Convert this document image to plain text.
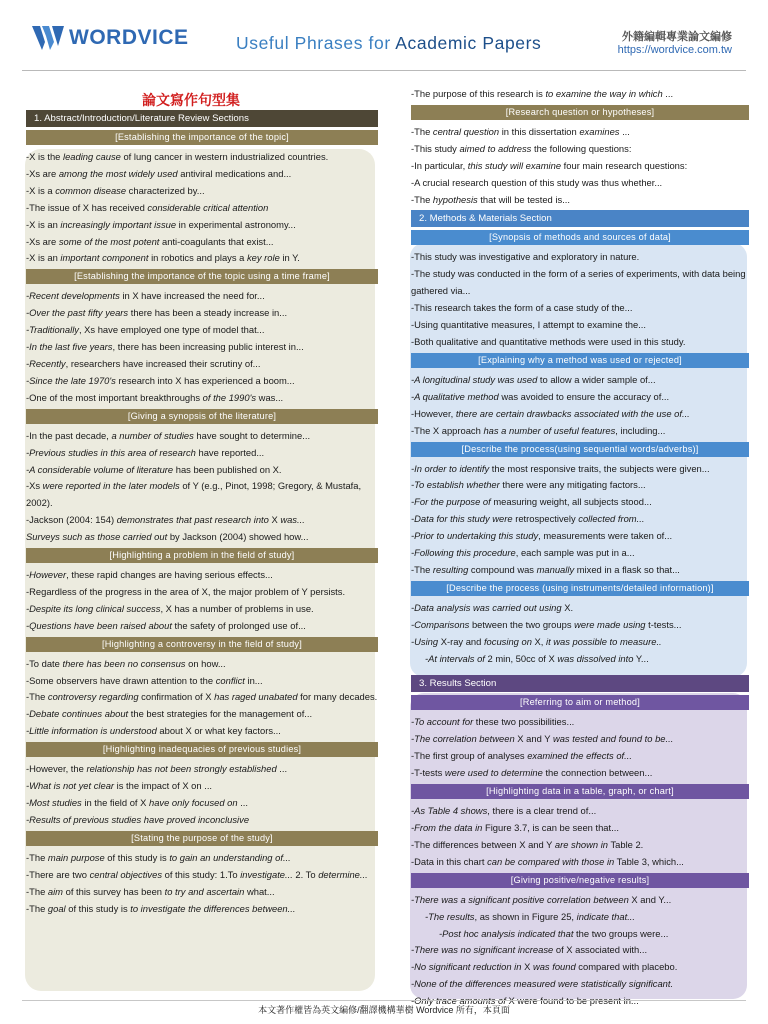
WORDVICE	Useful Phrases for Academic Papers	外籍編輯專業論文編修
https://wordvice.com.tw
論文寫作句型集
1. Abstract/Introduction/Literature Review Sections
[Establishing the importance of the topic]
-X is the leading cause of lung cancer in western industrialized countries.
-Xs are among the most widely used antiviral medications and...
-X is a common disease characterized by...
-The issue of X has received considerable critical attention
-X is an increasingly important issue in experimental astronomy...
-Xs are some of the most potent anti-coagulants that exist...
-X is an important component in robotics and plays a key role in Y.
[Establishing the importance of the topic using a time frame]
-Recent developments in X have increased the need for...
-Over the past fifty years there has been a steady increase in...
-Traditionally, Xs have employed one type of model that...
-In the last five years, there has been increasing public interest in...
-Recently, researchers have increased their scrutiny of...
-Since the late 1970's research into X has experienced a boom...
-One of the most important breakthroughs of the 1990's was...
[Giving a synopsis of the literature]
-In the past decade, a number of studies have sought to determine...
-Previous studies in this area of research have reported...
-A considerable volume of literature has been published on X.
-Xs were reported in the later models of Y (e.g., Pinot, 1998; Gregory, & Mustafa, 2002).
-Jackson (2004: 154) demonstrates that past research into X was...
Surveys such as those carried out by Jackson (2004) showed how...
[Highlighting a problem in the field of study]
-However, these rapid changes are having serious effects...
-Regardless of the progress in the area of X, the major problem of Y persists.
-Despite its long clinical success, X has a number of problems in use.
-Questions have been raised about the safety of prolonged use of...
[Highlighting a controversy in the field of study]
-To date there has been no consensus on how...
-Some observers have drawn attention to the conflict in...
-The controversy regarding confirmation of X has raged unabated for many decades.
-Debate continues about the best strategies for the management of...
-Little information is understood about X or what key factors...
[Highlighting inadequacies of previous studies]
-However, the relationship has not been strongly established ...
-What is not yet clear is the impact of X on ...
-Most studies in the field of X have only focused on ...
-Results of previous studies have proved inconclusive
[Stating the purpose of the study]
-The main purpose of this study is to gain an understanding of...
-There are two central objectives of this study: 1.To investigate... 2. To determine...
-The aim of this survey has been to try and ascertain what...
-The goal of this study is to investigate the differences between...
-The purpose of this research is to examine the way in which ...
[Research question or hypotheses]
-The central question in this dissertation examines ...
-This study aimed to address the following questions:
-In particular, this study will examine four main research questions:
-A crucial research question of this study was thus whether...
-The hypothesis that will be tested is...
2. Methods & Materials Section
[Synopsis of methods and sources of data]
-This study was investigative and exploratory in nature.
-The study was conducted in the form of a series of experiments, with data being gathered via...
-This research takes the form of a case study of the...
-Using quantitative measures, I attempt to examine the...
-Both qualitative and quantitative methods were used in this study.
[Explaining why a method was used or rejected]
-A longitudinal study was used to allow a wider sample of...
-A qualitative method was avoided to ensure the accuracy of...
-However, there are certain drawbacks associated with the use of...
-The X approach has a number of useful features, including...
[Describe the process(using sequential words/adverbs)]
-In order to identify the most responsive traits, the subjects were given...
-To establish whether there were any mitigating factors...
-For the purpose of measuring weight, all subjects stood...
-Data for this study were retrospectively collected from...
-Prior to undertaking this study, measurements were taken of...
-Following this procedure, each sample was put in a...
-The resulting compound was manually mixed in a flask so that...
[Describe the process (using instruments/detailed information)]
-Data analysis was carried out using X.
-Comparisons between the two groups were made using t-tests...
-Using X-ray and focusing on X, it was possible to measure..
-At intervals of 2 min, 50cc of X was dissolved into Y...
3. Results Section
[Referring to aim or method]
-To account for these two possibilities...
-The correlation between X and Y was tested and found to be...
-The first group of analyses examined the effects of...
-T-tests were used to determine the connection between...
[Highlighting data in a table, graph, or chart]
-As Table 4 shows, there is a clear trend of...
-From the data in Figure 3.7, is can be seen that...
-The differences between X and Y are shown in Table 2.
-Data in this chart can be compared with those in Table 3, which...
[Giving positive/negative results]
-There was a significant positive correlation between X and Y...
-The results, as shown in Figure 25, indicate that...
-Post hoc analysis indicated that the two groups were...
-There was no significant increase of X associated with...
-No significant reduction in X was found compared with placebo.
-None of the differences measured were statistically significant.
-Only trace amounts of X were found to be present in...
本文著作權皆為英文編修/翻譯機構華樹 Wordvice 所有，本頁面
